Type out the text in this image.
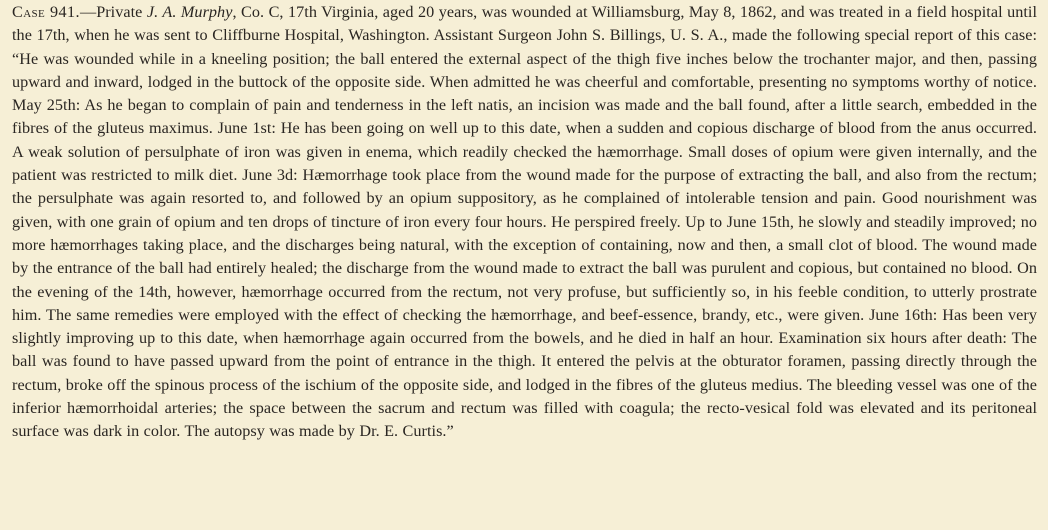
Case 941.—Private J. A. Murphy, Co. C, 17th Virginia, aged 20 years, was wounded at Williamsburg, May 8, 1862, and was treated in a field hospital until the 17th, when he was sent to Cliffburne Hospital, Washington. Assistant Surgeon John S. Billings, U. S. A., made the following special report of this case: “He was wounded while in a kneeling position; the ball entered the external aspect of the thigh five inches below the trochanter major, and then, passing upward and inward, lodged in the buttock of the opposite side. When admitted he was cheerful and comfortable, presenting no symptoms worthy of notice. May 25th: As he began to complain of pain and tenderness in the left natis, an incision was made and the ball found, after a little search, embedded in the fibres of the gluteus maximus. June 1st: He has been going on well up to this date, when a sudden and copious discharge of blood from the anus occurred. A weak solution of persulphate of iron was given in enema, which readily checked the hæmorrhage. Small doses of opium were given internally, and the patient was restricted to milk diet. June 3d: Hæmorrhage took place from the wound made for the purpose of extracting the ball, and also from the rectum; the persulphate was again resorted to, and followed by an opium suppository, as he complained of intolerable tension and pain. Good nourishment was given, with one grain of opium and ten drops of tincture of iron every four hours. He perspired freely. Up to June 15th, he slowly and steadily improved; no more hæmorrhages taking place, and the discharges being natural, with the exception of containing, now and then, a small clot of blood. The wound made by the entrance of the ball had entirely healed; the discharge from the wound made to extract the ball was purulent and copious, but contained no blood. On the evening of the 14th, however, hæmorrhage occurred from the rectum, not very profuse, but sufficiently so, in his feeble condition, to utterly prostrate him. The same remedies were employed with the effect of checking the hæmorrhage, and beef-essence, brandy, etc., were given. June 16th: Has been very slightly improving up to this date, when hæmorrhage again occurred from the bowels, and he died in half an hour. Examination six hours after death: The ball was found to have passed upward from the point of entrance in the thigh. It entered the pelvis at the obturator foramen, passing directly through the rectum, broke off the spinous process of the ischium of the opposite side, and lodged in the fibres of the gluteus medius. The bleeding vessel was one of the inferior hæmorrhoidal arteries; the space between the sacrum and rectum was filled with coagula; the recto-vesical fold was elevated and its peritoneal surface was dark in color. The autopsy was made by Dr. E. Curtis.”
